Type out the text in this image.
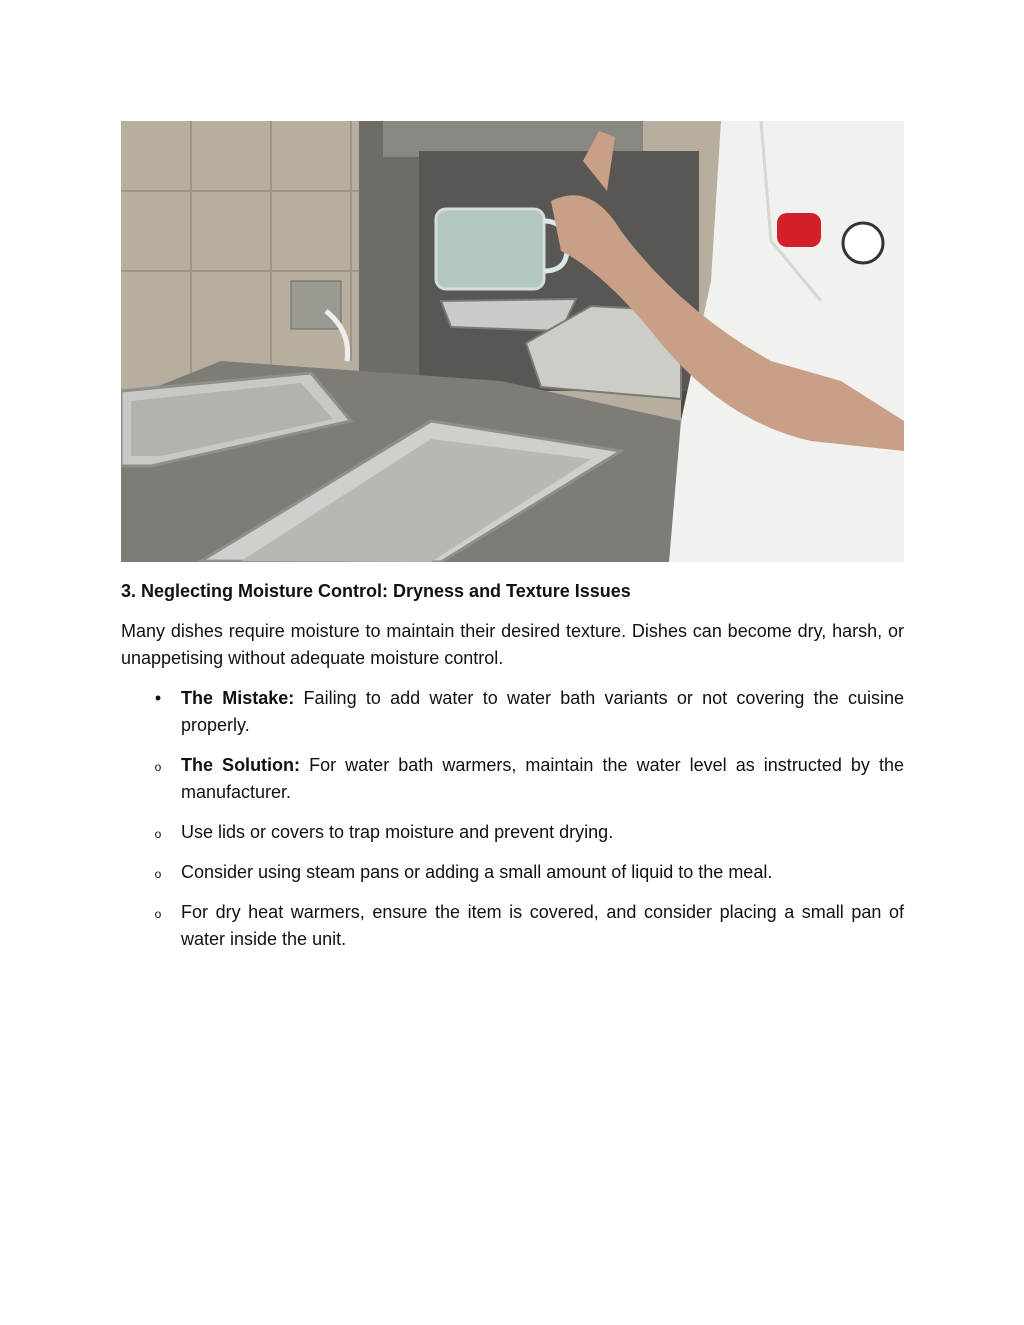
3. Neglecting Moisture Control: Dryness and Texture Issues

Many dishes require moisture to maintain their desired texture. Dishes can become dry, harsh, or unappetising without adequate moisture control.

•	The Mistake: Failing to add water to water bath variants or not covering the cuisine properly.
o	The Solution: For water bath warmers, maintain the water level as instructed by the manufacturer.
o	Use lids or covers to trap moisture and prevent drying.
o	Consider using steam pans or adding a small amount of liquid to the meal.
o	For dry heat warmers, ensure the item is covered, and consider placing a small pan of water inside the unit.
